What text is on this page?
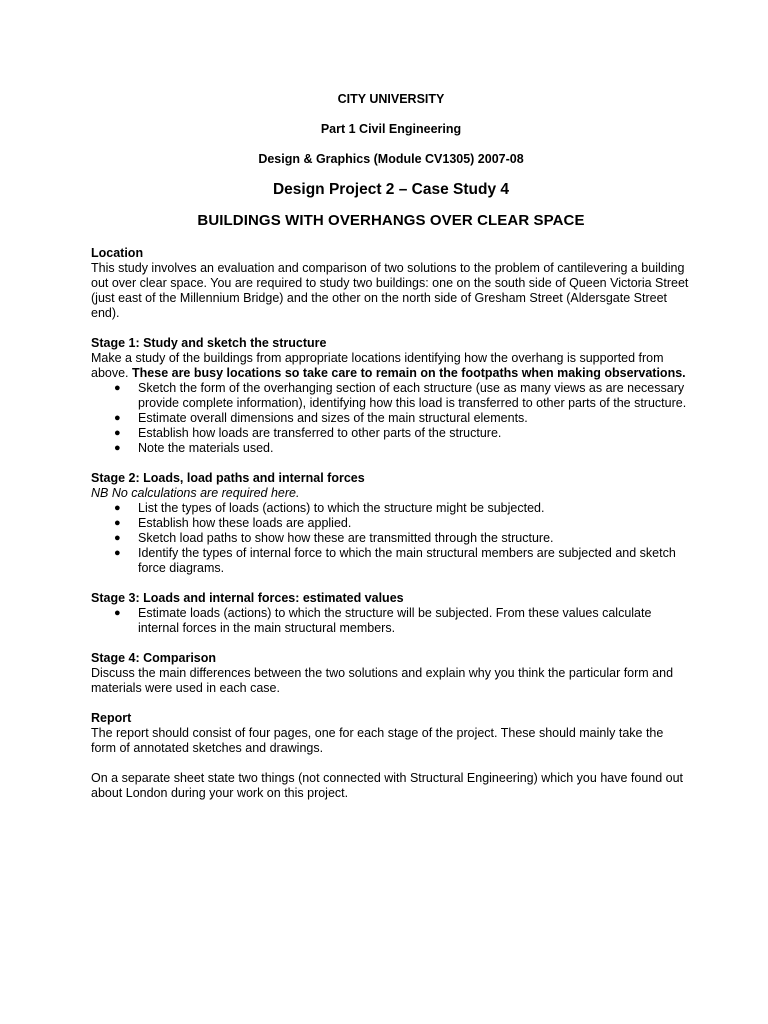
CITY UNIVERSITY
Part 1 Civil Engineering
Design & Graphics (Module CV1305) 2007-08
Design Project 2 – Case Study 4
BUILDINGS WITH OVERHANGS OVER CLEAR SPACE
Location

This study involves an evaluation and comparison of two solutions to the problem of cantilevering a building out over clear space. You are required to study two buildings: one on the south side of Queen Victoria Street (just east of the Millennium Bridge) and the other on the north side of Gresham Street (Aldersgate Street end).

Stage 1: Study and sketch the structure

Make a study of the buildings from appropriate locations identifying how the overhang is supported from above. These are busy locations so take care to remain on the footpaths when making observations.

● Sketch the form of the overhanging section of each structure (use as many views as are necessary provide complete information), identifying how this load is transferred to other parts of the structure.
● Estimate overall dimensions and sizes of the main structural elements.
● Establish how loads are transferred to other parts of the structure.
● Note the materials used.
Stage 2: Loads, load paths and internal forces

NB No calculations are required here.

● List the types of loads (actions) to which the structure might be subjected.
● Establish how these loads are applied.
● Sketch load paths to show how these are transmitted through the structure.
● Identify the types of internal force to which the main structural members are subjected and sketch force diagrams.
Stage 3: Loads and internal forces: estimated values
● Estimate loads (actions) to which the structure will be subjected. From these values calculate internal forces in the main structural members.
Stage 4: Comparison

Discuss the main differences between the two solutions and explain why you think the particular form and materials were used in each case.

Report

The report should consist of four pages, one for each stage of the project. These should mainly take the form of annotated sketches and drawings.

On a separate sheet state two things (not connected with Structural Engineering) which you have found out about London during your work on this project.
